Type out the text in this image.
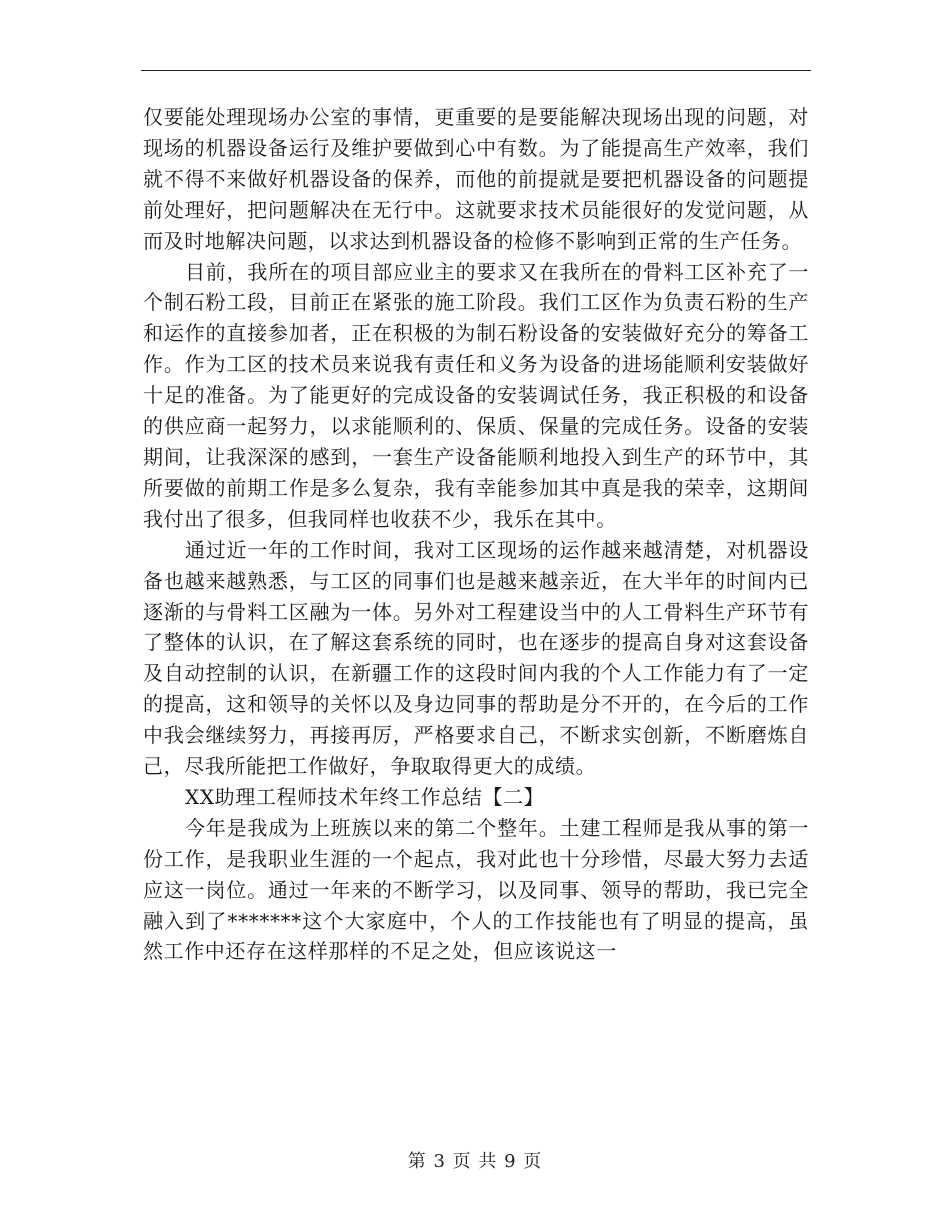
仅要能处理现场办公室的事情，更重要的是要能解决现场出现的问题，对现场的机器设备运行及维护要做到心中有数。为了能提高生产效率，我们就不得不来做好机器设备的保养，而他的前提就是要把机器设备的问题提前处理好，把问题解决在无行中。这就要求技术员能很好的发觉问题，从而及时地解决问题，以求达到机器设备的检修不影响到正常的生产任务。

目前，我所在的项目部应业主的要求又在我所在的骨料工区补充了一个制石粉工段，目前正在紧张的施工阶段。我们工区作为负责石粉的生产和运作的直接参加者，正在积极的为制石粉设备的安装做好充分的筹备工作。作为工区的技术员来说我有责任和义务为设备的进场能顺利安装做好十足的准备。为了能更好的完成设备的安装调试任务，我正积极的和设备的供应商一起努力，以求能顺利的、保质、保量的完成任务。设备的安装期间，让我深深的感到，一套生产设备能顺利地投入到生产的环节中，其所要做的前期工作是多么复杂，我有幸能参加其中真是我的荣幸，这期间我付出了很多，但我同样也收获不少，我乐在其中。

通过近一年的工作时间，我对工区现场的运作越来越清楚，对机器设备也越来越熟悉，与工区的同事们也是越来越亲近，在大半年的时间内已逐渐的与骨料工区融为一体。另外对工程建设当中的人工骨料生产环节有了整体的认识，在了解这套系统的同时，也在逐步的提高自身对这套设备及自动控制的认识，在新疆工作的这段时间内我的个人工作能力有了一定的提高，这和领导的关怀以及身边同事的帮助是分不开的，在今后的工作中我会继续努力，再接再厉，严格要求自己，不断求实创新，不断磨炼自己，尽我所能把工作做好，争取取得更大的成绩。

XX助理工程师技术年终工作总结【二】

今年是我成为上班族以来的第二个整年。土建工程师是我从事的第一份工作，是我职业生涯的一个起点，我对此也十分珍惜，尽最大努力去适应这一岗位。通过一年来的不断学习，以及同事、领导的帮助，我已完全融入到了*******这个大家庭中，个人的工作技能也有了明显的提高，虽然工作中还存在这样那样的不足之处，但应该说这一

第 3 页 共 9 页
